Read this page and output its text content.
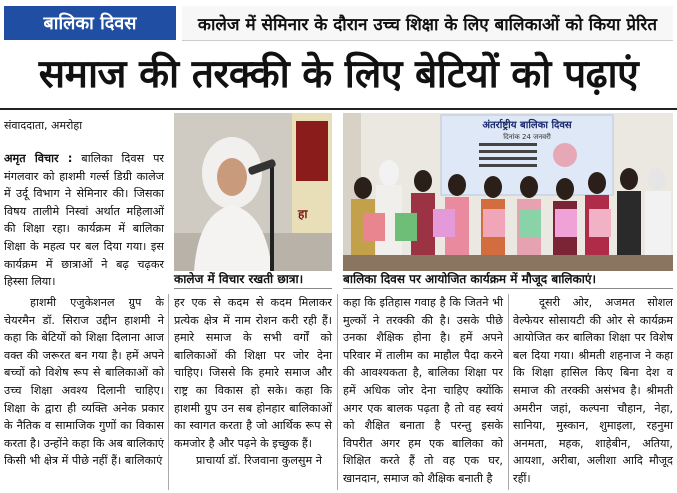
बालिका दिवस	कालेज में सेमिनार के दौरान उच्च शिक्षा के लिए बालिकाओं को किया प्रेरित
समाज की तरक्की के लिए बेटियों को पढ़ाएं
संवाददाता, अमरोहा

अमृत विचार : बालिका दिवस पर मंगलवार को हाशमी गर्ल्स डिग्री कालेज में उर्दू विभाग ने सेमिनार की। जिसका विषय तालीमे निस्वां अर्थात महिलाओं की शिक्षा रहा। कार्यक्रम में बालिका शिक्षा के महत्व पर बल दिया गया। इस कार्यक्रम में छात्राओं ने बढ़ चढ़कर हिस्सा लिया।

हा
कालेज में विचार रखती छात्रा।
अंतर्राष्ट्रीय बालिका दिवस
दिनांक 24 जनवरी
बालिका दिवस पर आयोजित कार्यक्रम में मौजूद बालिकाएं।

हाशमी एजुकेशनल ग्रुप के चेयरमैन डॉ. सिराज उद्दीन हाशमी ने कहा कि बेटियों को शिक्षा दिलाना आज वक्त की जरूरत बन गया है। हमें अपने बच्चों को विशेष रूप से बालिकाओं को उच्च शिक्षा अवश्य दिलानी चाहिए। शिक्षा के द्वारा ही व्यक्ति अनेक प्रकार के नैतिक व सामाजिक गुणों का विकास करता है। उन्होंने कहा कि अब बालिकाएं किसी भी क्षेत्र में पीछे नहीं हैं। बालिकाएं

हर एक से कदम से कदम मिलाकर प्रत्येक क्षेत्र में नाम रोशन करी रही हैं। हमारे समाज के सभी वर्गों को बालिकाओं की शिक्षा पर जोर देना चाहिए। जिससे कि हमारे समाज और राष्ट्र का विकास हो सके। कहा कि हाशमी ग्रुप उन सब होनहार बालिकाओं का स्वागत करता है जो आर्थिक रूप से कमजोर है और पढ़ने के इच्छुक हैं।

प्राचार्या डॉ. रिजवाना कुलसुम ने

कहा कि इतिहास गवाह है कि जितने भी मुल्कों ने तरक्की की है। उसके पीछे उनका शैक्षिक होना है। हमें अपने परिवार में तालीम का माहौल पैदा करने की आवश्यकता है, बालिका शिक्षा पर हमें अधिक जोर देना चाहिए क्योंकि अगर एक बालक पढ़ता है तो वह स्वयं को शैक्षित बनाता है परन्तु इसके विपरीत अगर हम एक बालिका को शिक्षित करते हैं तो वह एक घर, खानदान, समाज को शैक्षिक बनाती है

दूसरी ओर, अजमत सोशल वेल्फेयर सोसायटी की ओर से कार्यक्रम आयोजित कर बालिका शिक्षा पर विशेष बल दिया गया। श्रीमती शहनाज ने कहा कि शिक्षा हासिल किए बिना देश व समाज की तरक्की असंभव है। श्रीमती अमरीन जहां, कल्पना चौहान, नेहा, सानिया, मुस्कान, शुमाइला, रहनुमा अनमता, महक, शाहेबीन, अतिया, आयशा, अरीबा, अलीशा आदि मौजूद रहीं।
